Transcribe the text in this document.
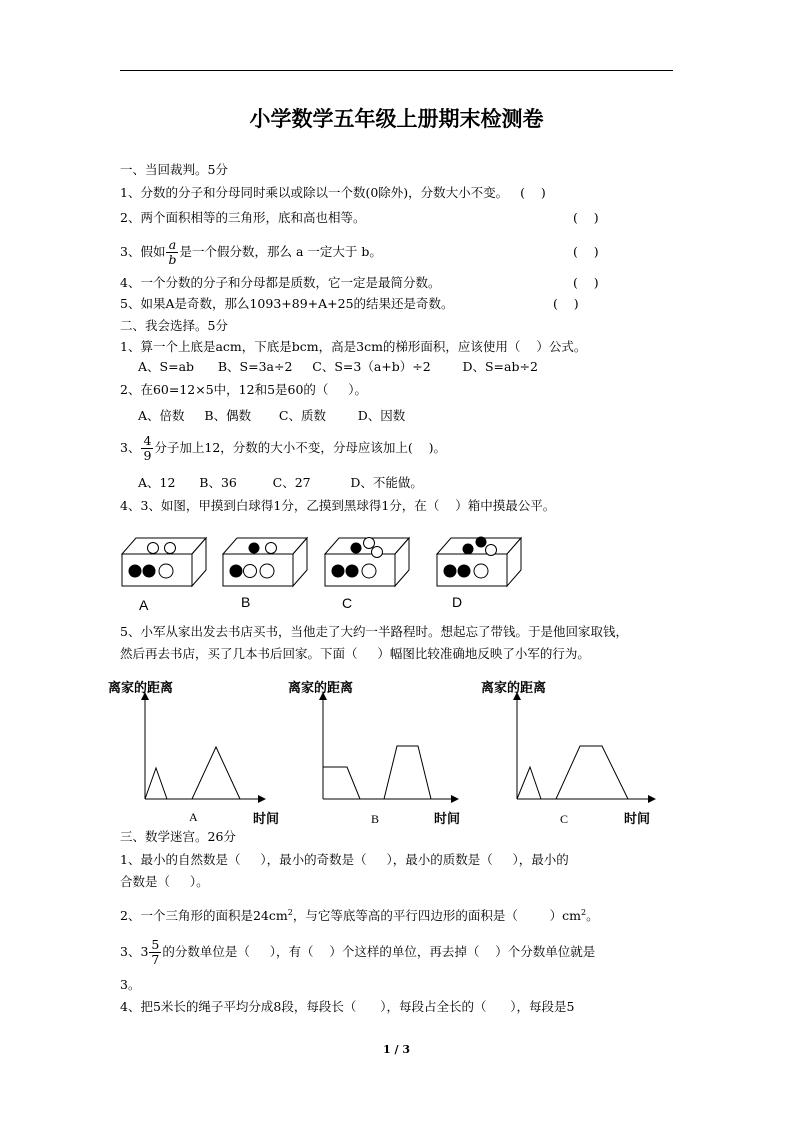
小学数学五年级上册期末检测卷
一、当回裁判。5分
1、分数的分子和分母同时乘以或除以一个数(0除外)，分数大小不变。   (    )
2、两个面积相等的三角形，底和高也相等。	(    )
3、假如 $\frac{a}{b}$ 是一个假分数，那么 a 一定大于 b。	(    )
4、一个分数的分子和分母都是质数，它一定是最简分数。	(    )
5、如果A是奇数，那么1093+89+A+25的结果还是奇数。	(    )
二、我会选择。5分
1、算一个上底是acm，下底是bcm，高是3cm的梯形面积，应该使用（    ）公式。
A、S=ab      B、S=3a÷2     C、S=3（a+b）÷2        D、S=ab÷2
2、在60=12×5中，12和5是60的（     ）。
A、倍数     B、偶数       C、质数        D、因数
3、 $\frac{4}{9}$ 分子加上12，分数的大小不变，分母应该加上(    )。
A、12      B、36         C、27          D、不能做。
4、3、如图，甲摸到白球得1分，乙摸到黑球得1分，在（    ）箱中摸最公平。
A	B	C	D
5、小军从家出发去书店买书，当他走了大约一半路程时。想起忘了带钱。于是他回家取钱，
然后再去书店，买了几本书后回家。下面（     ）幅图比较准确地反映了小军的行为。
离家的距离	离家的距离	离家的距离
时间	时间	时间
A	B	C
三、数学迷宫。26分
1、最小的自然数是（     ），最小的奇数是（     ），最小的质数是（     ），最小的
合数是（     ）。
2、一个三角形的面积是$24cm^2$，与它等底等高的平行四边形的面积是（        ）$cm^2$。
3、$3 \frac{5}{7}$ 的分数单位是（     ），有（    ）个这样的单位，再去掉（    ）个分数单位就是
3。
4、把5米长的绳子平均分成8段，每段长（      ），每段占全长的（      ），每段是5
1 / 3
